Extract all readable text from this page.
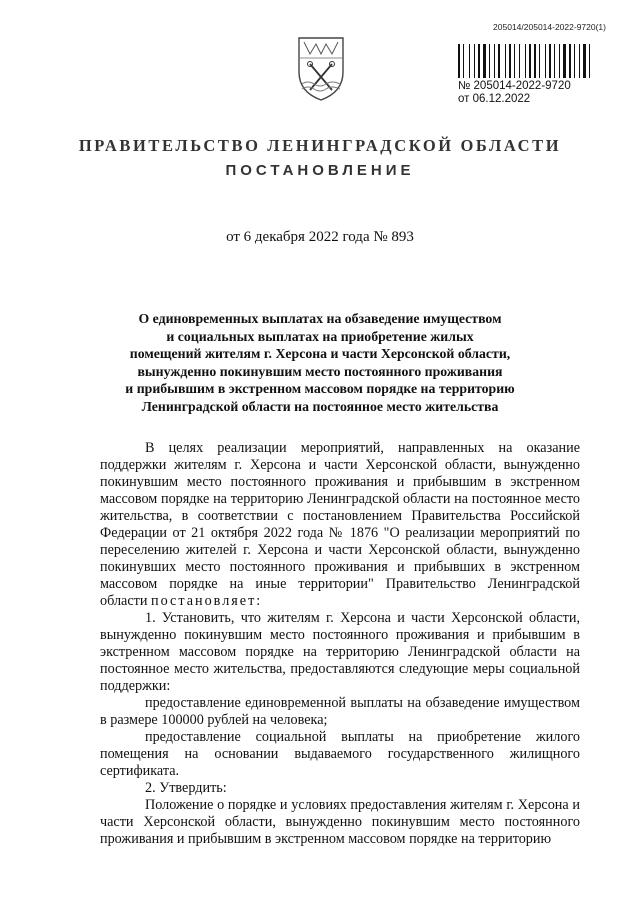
205014/205014-2022-9720(1)
№ 205014-2022-9720
от 06.12.2022
ПРАВИТЕЛЬСТВО ЛЕНИНГРАДСКОЙ ОБЛАСТИ
ПОСТАНОВЛЕНИЕ
от 6 декабря 2022 года № 893
О единовременных выплатах на обзаведение имуществом
и социальных выплатах на приобретение жилых
помещений жителям г. Херсона и части Херсонской области,
вынужденно покинувшим место постоянного проживания
и прибывшим в экстренном массовом порядке на территорию
Ленинградской области на постоянное место жительства

В целях реализации мероприятий, направленных на оказание поддержки жителям г. Херсона и части Херсонской области, вынужденно покинувшим место постоянного проживания и прибывшим в экстренном массовом порядке на территорию Ленинградской области на постоянное место жительства, в соответствии с постановлением Правительства Российской Федерации от 21 октября 2022 года № 1876 "О реализации мероприятий по переселению жителей г. Херсона и части Херсонской области, вынужденно покинувших место постоянного проживания и прибывших в экстренном массовом порядке на иные территории" Правительство Ленинградской области постановляет:

1. Установить, что жителям г. Херсона и части Херсонской области, вынужденно покинувшим место постоянного проживания и прибывшим в экстренном массовом порядке на территорию Ленинградской области на постоянное место жительства, предоставляются следующие меры социальной поддержки:

предоставление единовременной выплаты на обзаведение имуществом в размере 100000 рублей на человека;

предоставление социальной выплаты на приобретение жилого помещения на основании выдаваемого государственного жилищного сертификата.

2. Утвердить:

Положение о порядке и условиях предоставления жителям г. Херсона и части Херсонской области, вынужденно покинувшим место постоянного проживания и прибывшим в экстренном массовом порядке на территорию
